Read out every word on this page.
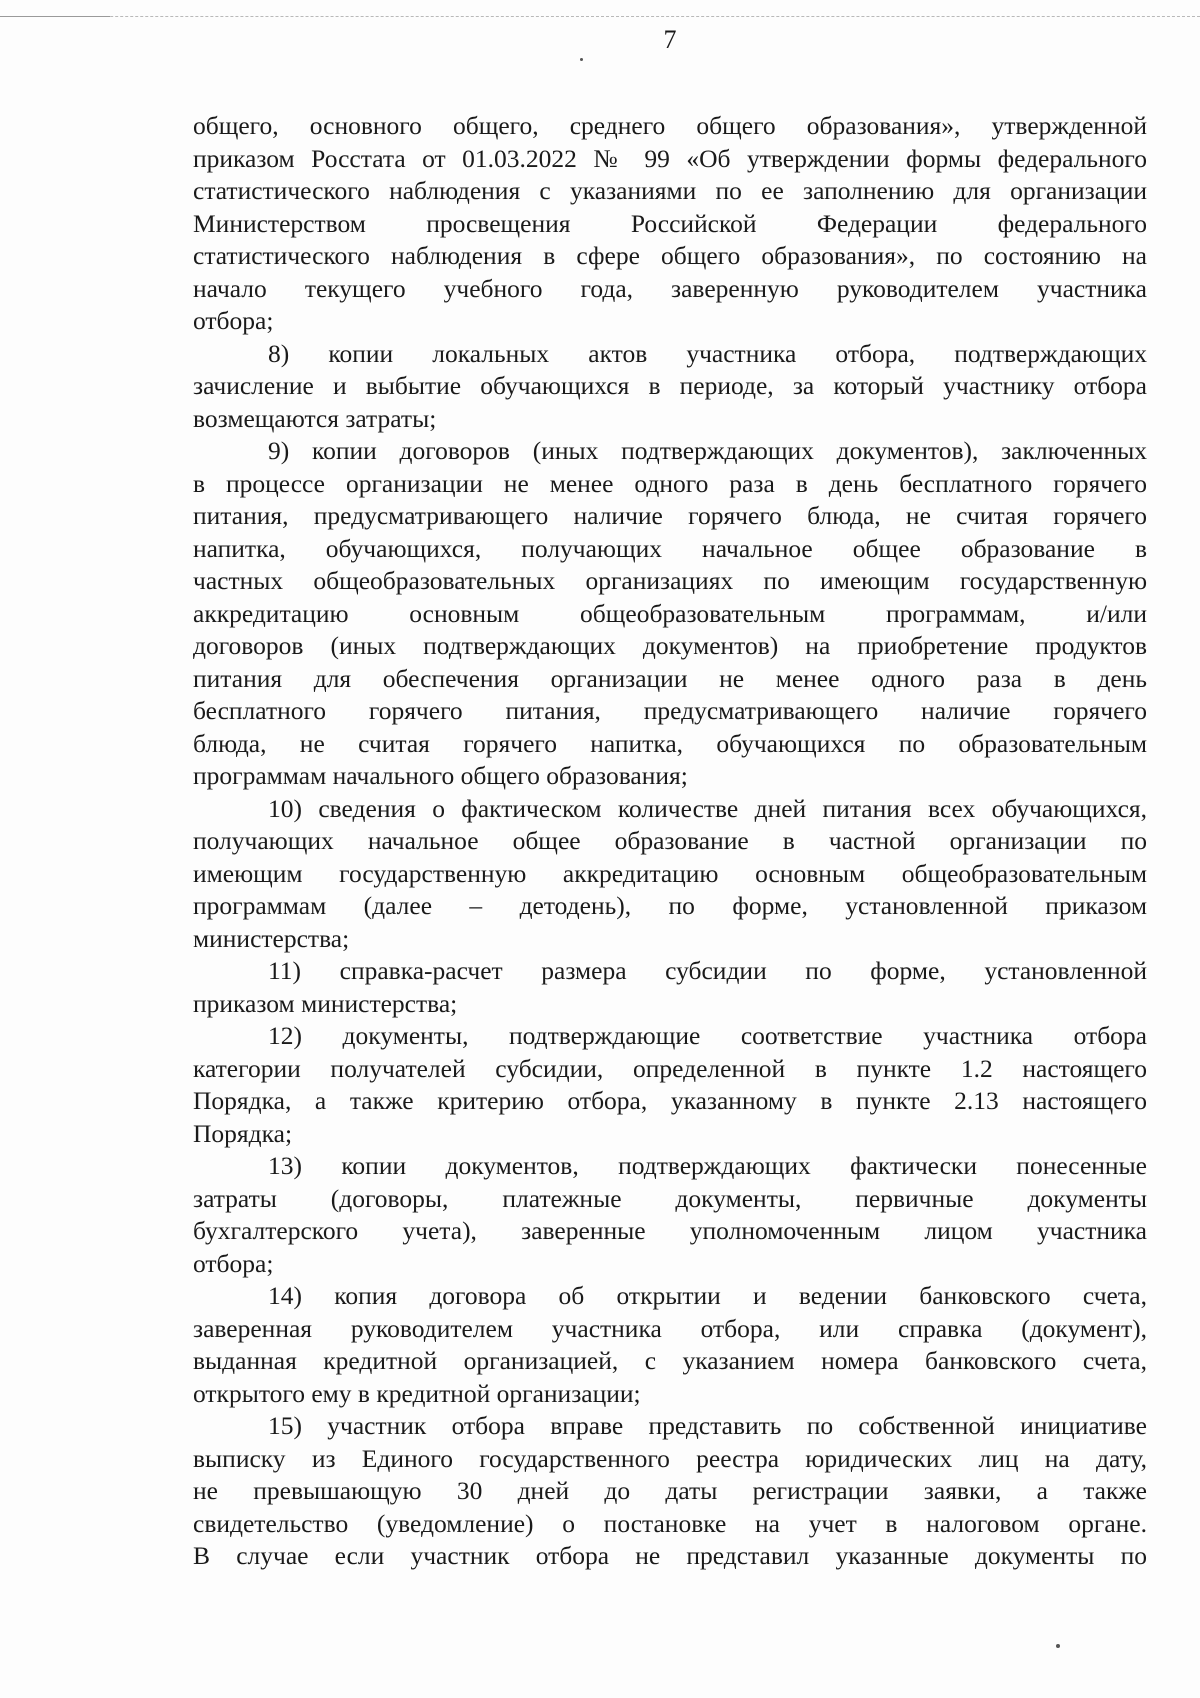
7
общего, основного общего, среднего общего образования», утвержденной
приказом Росстата от 01.03.2022 № 99 «Об утверждении формы федерального
статистического наблюдения с указаниями по ее заполнению для организации
Министерством просвещения Российской Федерации федерального
статистического наблюдения в сфере общего образования», по состоянию на
начало текущего учебного года, заверенную руководителем участника
отбора;
8) копии локальных актов участника отбора, подтверждающих
зачисление и выбытие обучающихся в периоде, за который участнику отбора
возмещаются затраты;
9) копии договоров (иных подтверждающих документов), заключенных
в процессе организации не менее одного раза в день бесплатного горячего
питания, предусматривающего наличие горячего блюда, не считая горячего
напитка, обучающихся, получающих начальное общее образование в
частных общеобразовательных организациях по имеющим государственную
аккредитацию основным общеобразовательным программам, и/или
договоров (иных подтверждающих документов) на приобретение продуктов
питания для обеспечения организации не менее одного раза в день
бесплатного горячего питания, предусматривающего наличие горячего
блюда, не считая горячего напитка, обучающихся по образовательным
программам начального общего образования;
10) сведения о фактическом количестве дней питания всех обучающихся,
получающих начальное общее образование в частной организации по
имеющим государственную аккредитацию основным общеобразовательным
программам (далее – детодень), по форме, установленной приказом
министерства;
11) справка-расчет размера субсидии по форме, установленной
приказом министерства;
12) документы, подтверждающие соответствие участника отбора
категории получателей субсидии, определенной в пункте 1.2 настоящего
Порядка, а также критерию отбора, указанному в пункте 2.13 настоящего
Порядка;
13) копии документов, подтверждающих фактически понесенные
затраты (договоры, платежные документы, первичные документы
бухгалтерского учета), заверенные уполномоченным лицом участника
отбора;
14) копия договора об открытии и ведении банковского счета,
заверенная руководителем участника отбора, или справка (документ),
выданная кредитной организацией, с указанием номера банковского счета,
открытого ему в кредитной организации;
15) участник отбора вправе представить по собственной инициативе
выписку из Единого государственного реестра юридических лиц на дату,
не превышающую 30 дней до даты регистрации заявки, а также
свидетельство (уведомление) о постановке на учет в налоговом органе.
В случае если участник отбора не представил указанные документы по
